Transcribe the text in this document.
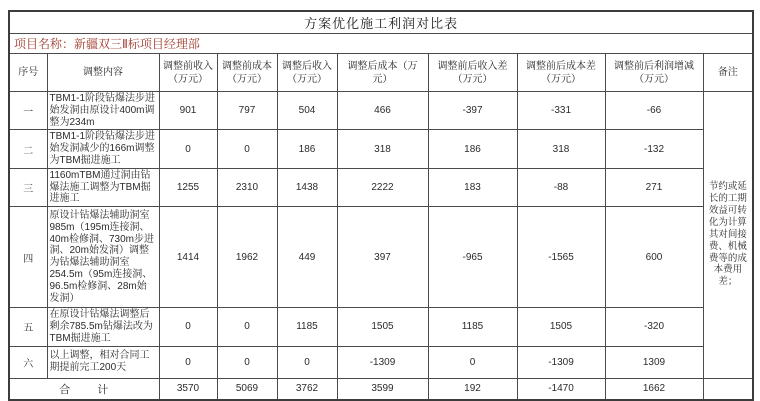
方案优化施工利润对比表									
项目名称：新疆双三Ⅱ标项目经理部									
序号	调整内容	调整前收入（万元）	调整前成本（万元）	调整后收入（万元）	调整后成本（万元）	调整前后收入差（万元）	调整前后成本差（万元）	调整前后利润增减（万元）	备注
一	TBM1-1阶段钻爆法步进始发洞由原设计400m调整为234m	901	797	504	466	-397	-331	-66	节约或延长的工期效益可转化为计算其对间接费、机械费等的成本费用差；
二	TBM1-1阶段钻爆法步进始发洞减少的166m调整为TBM掘进施工	0	0	186	318	186	318	-132	
三	1160mTBM通过洞由钻爆法施工调整为TBM掘进施工	1255	2310	1438	2222	183	-88	271	
四	原设计钻爆法辅助洞室985m（195m连接洞、40m检修洞、730m步进洞、20m始发洞）调整为钻爆法辅助洞室254.5m（95m连接洞、96.5m检修洞、28m始发洞）	1414	1962	449	397	-965	-1565	600	
五	在原设计钻爆法调整后剩余785.5m钻爆法改为TBM掘进施工	0	0	1185	1505	1185	1505	-320	
六	以上调整，相对合同工期提前完工200天	0	0	0	-1309	0	-1309	1309	
合　计		3570	5069	3762	3599	192	-1470	1662	
